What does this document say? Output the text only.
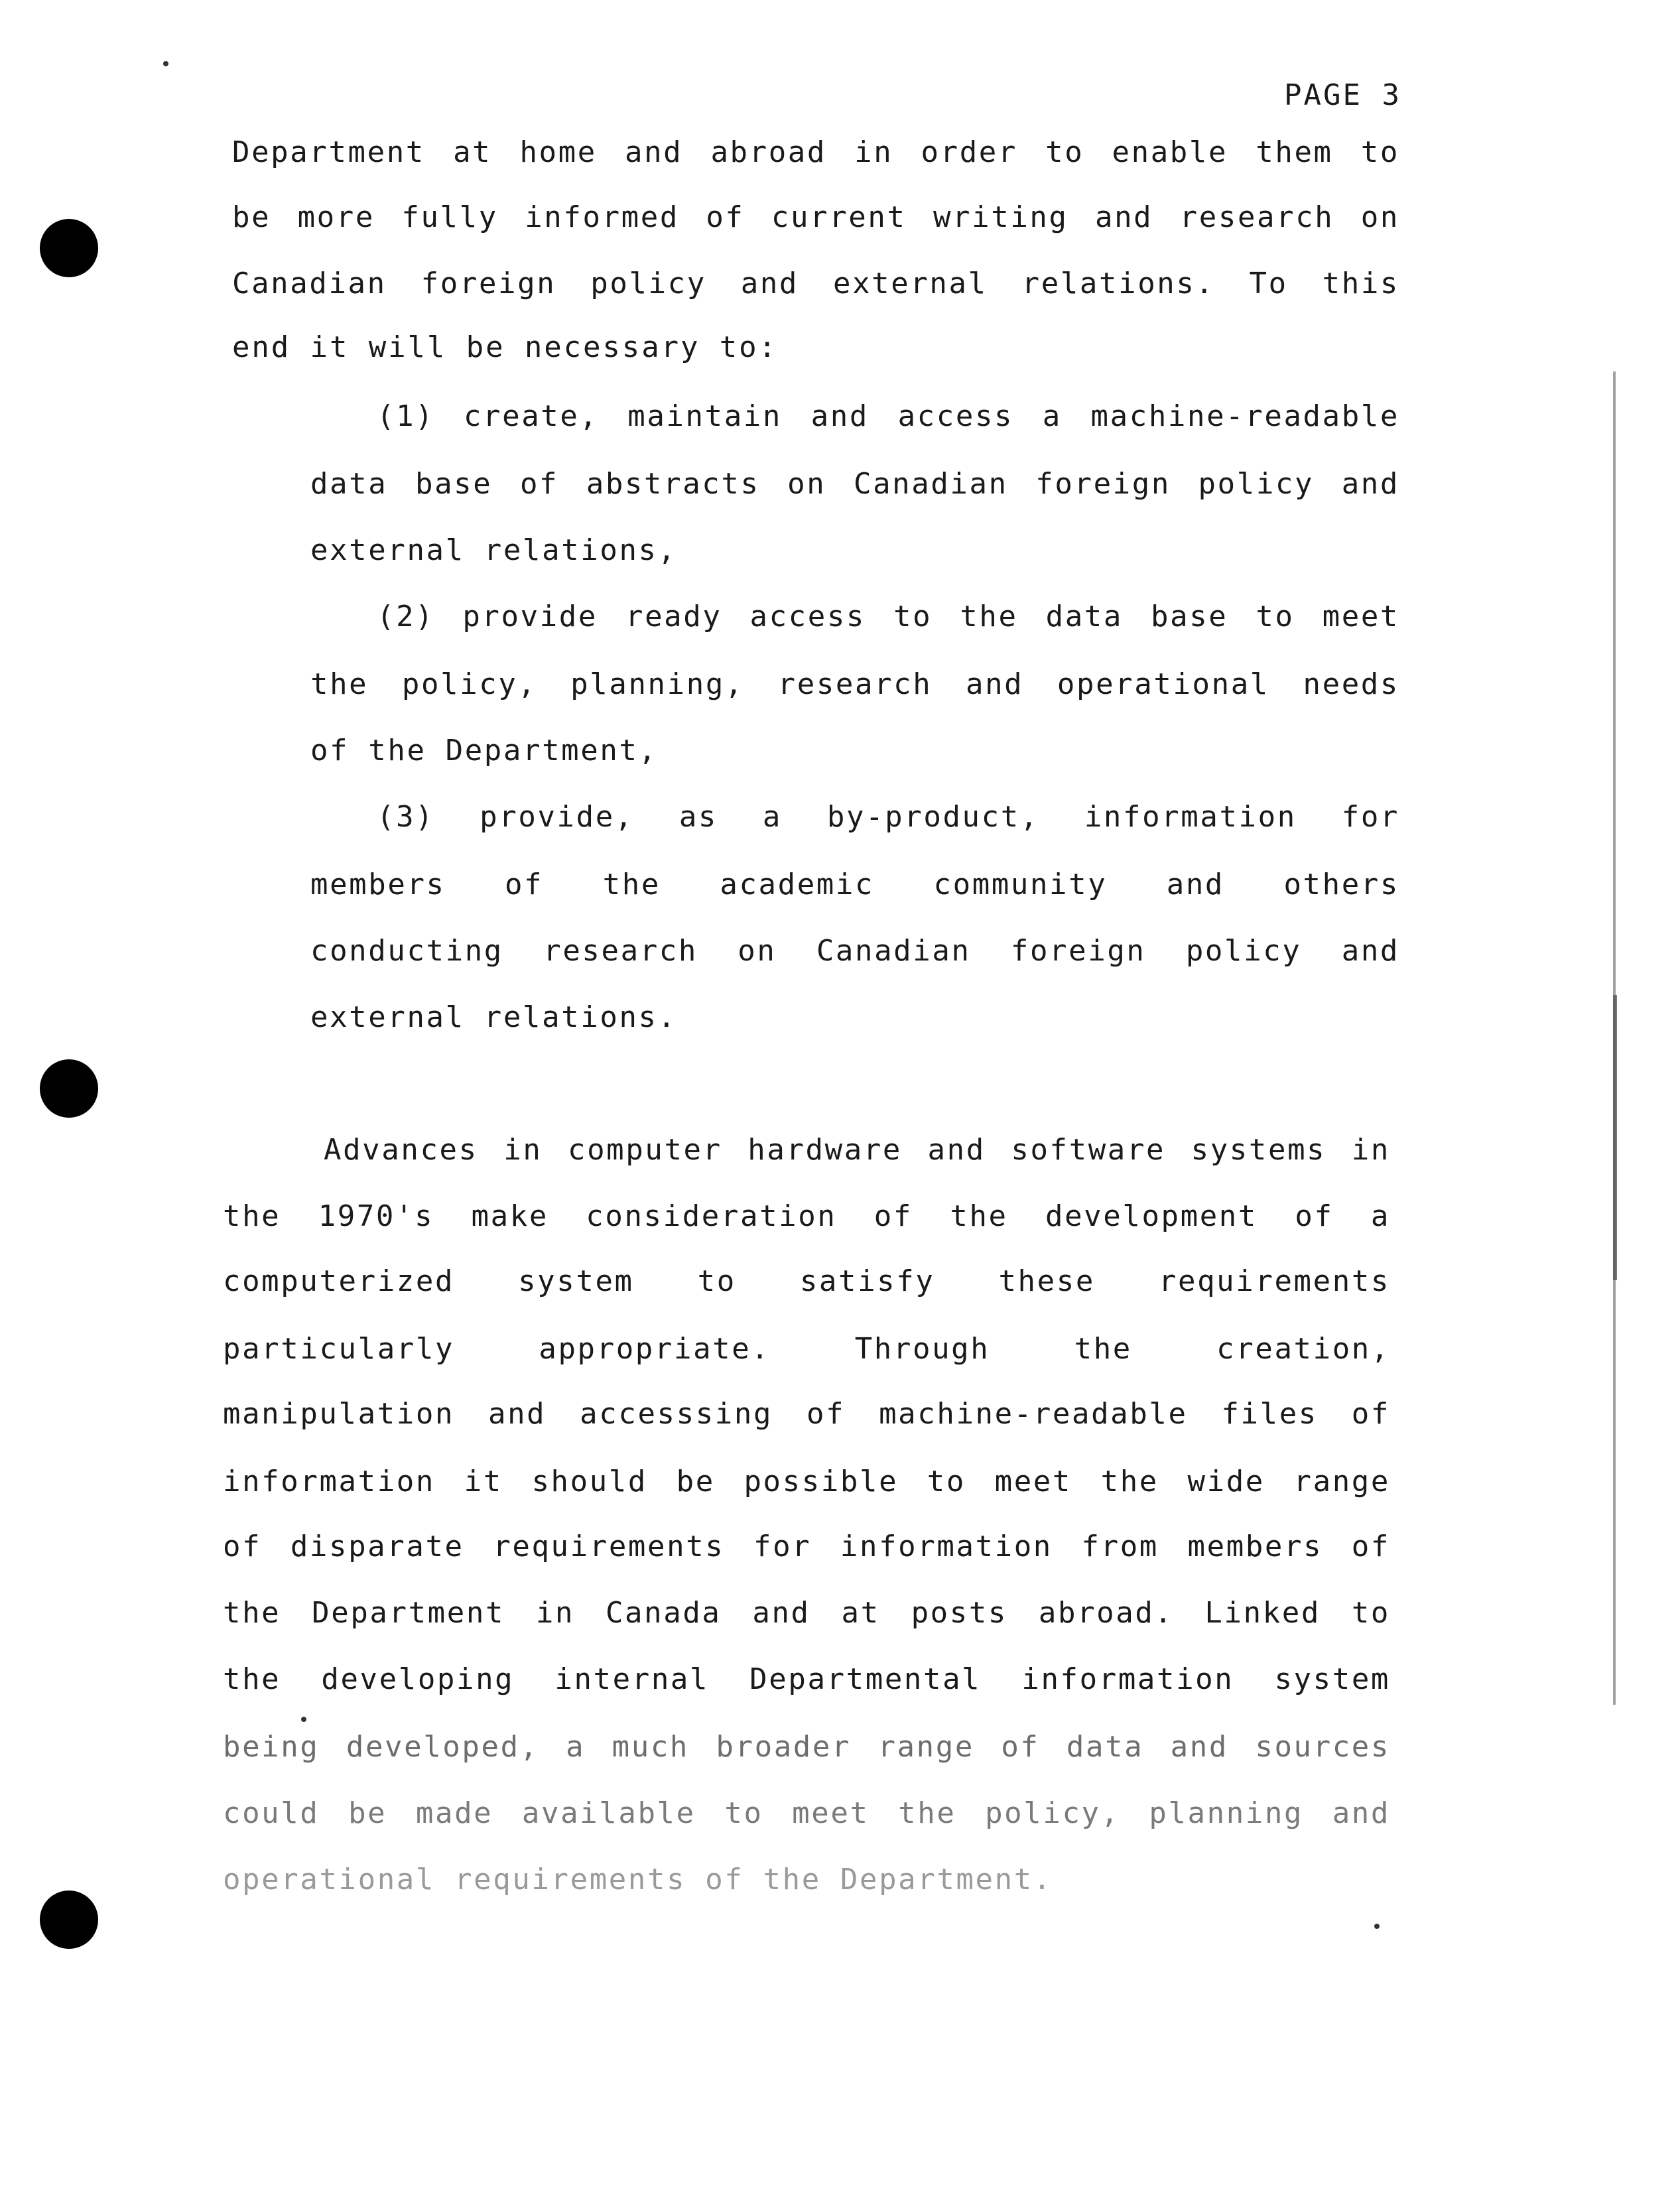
PAGE 3
Department at home and abroad in order to enable them to
be more fully informed of current writing and research on
Canadian foreign policy and external relations. To this
end it will be necessary to:
(1) create, maintain and access a machine-readable
data base of abstracts on Canadian foreign policy and
external relations,
(2) provide ready access to the data base to meet
the policy, planning, research and operational needs
of the Department,
(3) provide, as a by-product, information for
members of the academic community and others
conducting research on Canadian foreign policy and
external relations.
Advances in computer hardware and software systems in
the 1970's make consideration of the development of a
computerized system to satisfy these requirements
particularly appropriate. Through the creation,
manipulation and accesssing of machine-readable files of
information it should be possible to meet the wide range
of disparate requirements for information from members of
the Department in Canada and at posts abroad. Linked to
the developing internal Departmental information system
being developed, a much broader range of data and sources
could be made available to meet the policy, planning and
operational requirements of the Department.
